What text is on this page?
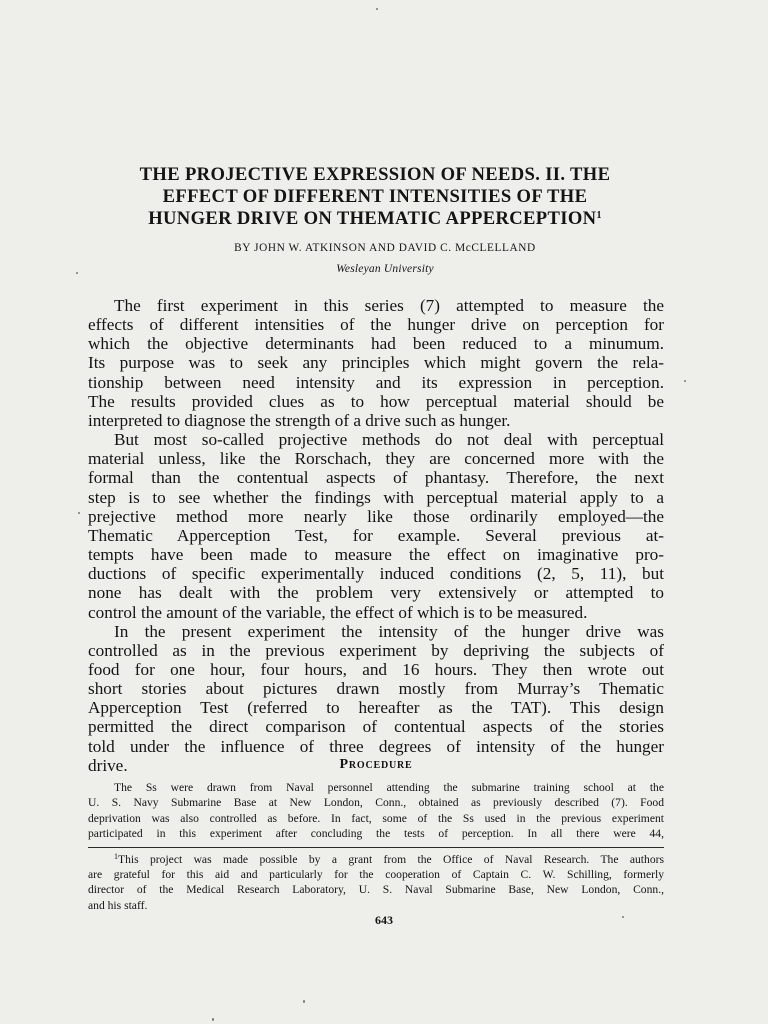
THE PROJECTIVE EXPRESSION OF NEEDS. II. THE
EFFECT OF DIFFERENT INTENSITIES OF THE
HUNGER DRIVE ON THEMATIC APPERCEPTION$^1$

BY JOHN W. ATKINSON AND DAVID C. McCLELLAND

Wesleyan University

The first experiment in this series (7) attempted to measure the
effects of different intensities of the hunger drive on perception for
which the objective determinants had been reduced to a minumum.
Its purpose was to seek any principles which might govern the rela-
tionship between need intensity and its expression in perception.
The results provided clues as to how perceptual material should be
interpreted to diagnose the strength of a drive such as hunger.
But most so-called projective methods do not deal with perceptual
material unless, like the Rorschach, they are concerned more with the
formal than the contentual aspects of phantasy. Therefore, the next
step is to see whether the findings with perceptual material apply to a
prejective method more nearly like those ordinarily employed—the
Thematic Apperception Test, for example. Several previous at-
tempts have been made to measure the effect on imaginative pro-
ductions of specific experimentally induced conditions (2, 5, 11), but
none has dealt with the problem very extensively or attempted to
control the amount of the variable, the effect of which is to be measured.
In the present experiment the intensity of the hunger drive was
controlled as in the previous experiment by depriving the subjects of
food for one hour, four hours, and 16 hours. They then wrote out
short stories about pictures drawn mostly from Murray’s Thematic
Apperception Test (referred to hereafter as the TAT). This design
permitted the direct comparison of contentual aspects of the stories
told under the influence of three degrees of intensity of the hunger
drive.	Procedure
The Ss were drawn from Naval personnel attending the submarine training school at the
U. S. Navy Submarine Base at New London, Conn., obtained as previously described (7). Food
deprivation was also controlled as before. In fact, some of the Ss used in the previous experiment
participated in this experiment after concluding the tests of perception. In all there were 44,
$^1$This project was made possible by a grant from the Office of Naval Research. The authors
are grateful for this aid and particularly for the cooperation of Captain C. W. Schilling, formerly
director of the Medical Research Laboratory, U. S. Naval Submarine Base, New London, Conn.,
and his staff.

643
